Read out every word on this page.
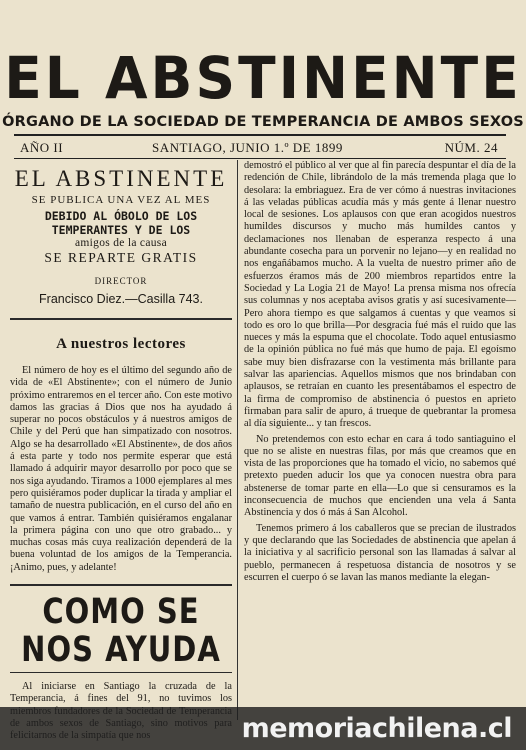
EL ABSTINENTE
ÓRGANO DE LA SOCIEDAD DE TEMPERANCIA DE AMBOS SEXOS
AÑO II	SANTIAGO, JUNIO 1.º DE 1899	NÚM. 24
EL ABSTINENTE
SE PUBLICA UNA VEZ AL MES
DEBIDO AL ÓBOLO DE LOS TEMPERANTES Y DE LOS
amigos de la causa
SE REPARTE GRATIS
DIRECTOR
Francisco Diez.—Casilla 743.
A nuestros lectores

El número de hoy es el último del segundo año de vida de «El Abstinente»; con el número de Junio próximo entraremos en el tercer año. Con este motivo damos las gracias á Dios que nos ha ayudado á superar no pocos obstáculos y á nuestros amigos de Chile y del Perú que han simpatizado con nosotros. Algo se ha desarrollado «El Abstinente», de dos años á esta parte y todo nos permite esperar que está llamado á adquirir mayor desarrollo por poco que se nos siga ayudando. Tiramos a 1000 ejemplares al mes pero quisiéramos poder duplicar la tirada y ampliar el tamaño de nuestra publicación, en el curso del año en que vamos á entrar. También quisiéramos engalanar la primera página con uno que otro grabado... y muchas cosas más cuya realización dependerá de la buena voluntad de los amigos de la Temperancia. ¡Animo, pues, y adelante!

COMO SE NOS AYUDA

Al iniciarse en Santiago la cruzada de la Temperancia, á fines del 91, no tuvimos los

demostró el público al ver que al fin parecía despuntar el día de la redención de Chile, librándolo de la más tremenda plaga que lo desolara: la embriaguez. Era de ver cómo á nuestras invitaciones á las veladas públicas acudía más y más gente á llenar nuestro local de sesiones. Los aplausos con que eran acogidos nuestros humildes discursos y mucho más humildes cantos y declamaciones nos llenaban de esperanza respecto á una abundante cosecha para un porvenir no lejano—y en realidad no nos engañábamos mucho. A la vuelta de nuestro primer año de esfuerzos éramos más de 200 miembros repartidos entre la Sociedad y La Logia 21 de Mayo! La prensa misma nos ofrecía sus columnas y nos aceptaba avisos gratis y así sucesivamente—Pero ahora tiempo es que salgamos á cuentas y que veamos si todo es oro lo que brilla—Por desgracia fué más el ruido que las nueces y más la espuma que el chocolate. Todo aquel entusiasmo de la opinión pública no fué más que humo de paja. El egoísmo sabe muy bien disfrazarse con la vestimenta más brillante para salvar las apariencias. Aquellos mismos que nos brindaban con aplausos, se retraían en cuanto les presentábamos el espectro de la firma de compromiso de abstinencia ó puestos en aprieto firmaban para salir de apuro, á trueque de quebrantar la promesa al día siguiente... y tan frescos.

No pretendemos con esto echar en cara á todo santiaguino el que no se aliste en nuestras filas, por más que creamos que en vista de las proporciones que ha tomado el vicio, no sabemos qué pretexto pueden aducir los que ya conocen nuestra obra para abstenerse de tomar parte en ella—Lo que si censuramos es la inconsecuencia de muchos que encienden una vela á Santa Abstinencia y dos ó más á San Alcohol.

Tenemos primero á los caballeros que se precian de ilustrados y que declarando que las Sociedades de abstinencia que apelan á la iniciativa y al sacrificio personal son las llamadas á salvar al pueblo, permanecen á respetuosa distancia de nosotros y se escurren el cuerpo ó se lavan las manos mediante la elegan-

memoriachilena.cl
